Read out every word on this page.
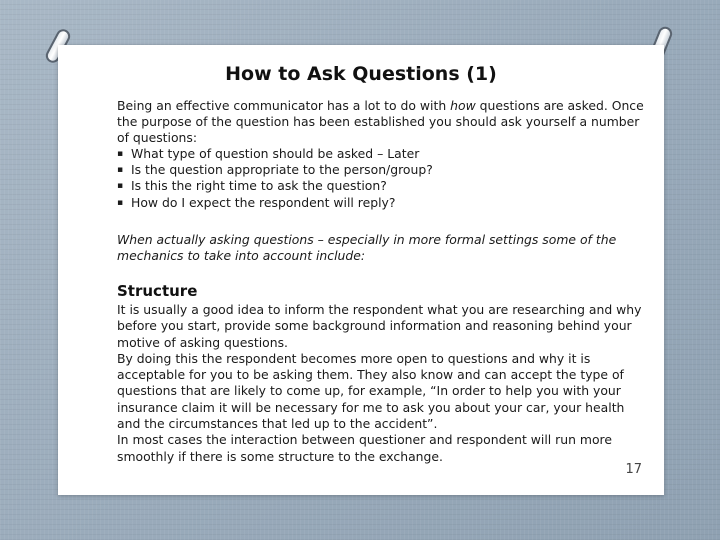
How to Ask Questions (1)

Being an effective communicator has a lot to do with how questions are asked. Once the purpose of the question has been established you should ask yourself a number of questions:

▪ What type of question should be asked – Later
▪ Is the question appropriate to the person/group?
▪ Is this the right time to ask the question?
▪ How do I expect the respondent will reply?

When actually asking questions – especially in more formal settings some of the mechanics to take into account include:

Structure

It is usually a good idea to inform the respondent what you are researching and why before you start, provide some background information and reasoning behind your motive of asking questions.

By doing this the respondent becomes more open to questions and why it is acceptable for you to be asking them. They also know and can accept the type of questions that are likely to come up, for example, “In order to help you with your insurance claim it will be necessary for me to ask you about your car, your health and the circumstances that led up to the accident”.

In most cases the interaction between questioner and respondent will run more smoothly if there is some structure to the exchange.

17
